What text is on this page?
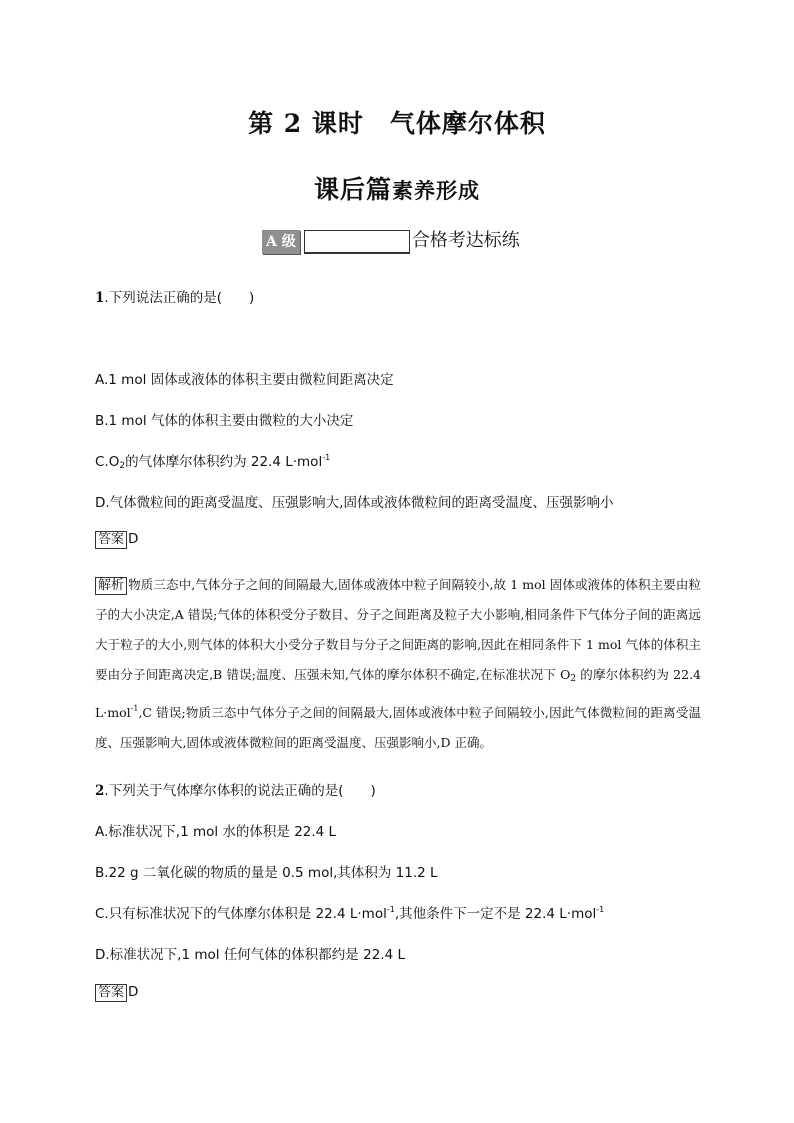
第 2 课时 气体摩尔体积
课后篇素养形成
A 级	合格考达标练
1.下列说法正确的是(　　)
A.1 mol 固体或液体的体积主要由微粒间距离决定
B.1 mol 气体的体积主要由微粒的大小决定
$C.O_2$的气体摩尔体积约为 22.4 L·mol$^{-1}$
D.气体微粒间的距离受温度、压强影响大,固体或液体微粒间的距离受温度、压强影响小
答案 D
解析 物质三态中,气体分子之间的间隔最大,固体或液体中粒子间隔较小,故 1 mol 固体或液体的体积主要由粒子的大小决定,A 错误;气体的体积受分子数目、分子之间距离及粒子大小影响,相同条件下气体分子间的距离远大于粒子的大小,则气体的体积大小受分子数目与分子之间距离的影响,因此在相同条件下 1 mol 气体的体积主要由分子间距离决定,B 错误;温度、压强未知,气体的摩尔体积不确定,在标准状况下 $O_2$ 的摩尔体积约为 22.4 L·mol$^{-1}$,C 错误;物质三态中气体分子之间的间隔最大,固体或液体中粒子间隔较小,因此气体微粒间的距离受温度、压强影响大,固体或液体微粒间的距离受温度、压强影响小,D 正确。
2.下列关于气体摩尔体积的说法正确的是(　　)
A.标准状况下,1 mol 水的体积是 22.4 L
B.22 g 二氧化碳的物质的量是 0.5 mol,其体积为 11.2 L
C.只有标准状况下的气体摩尔体积是 22.4 L·mol$^{-1}$,其他条件下一定不是 22.4 L·mol$^{-1}$
D.标准状况下,1 mol 任何气体的体积都约是 22.4 L
答案 D
